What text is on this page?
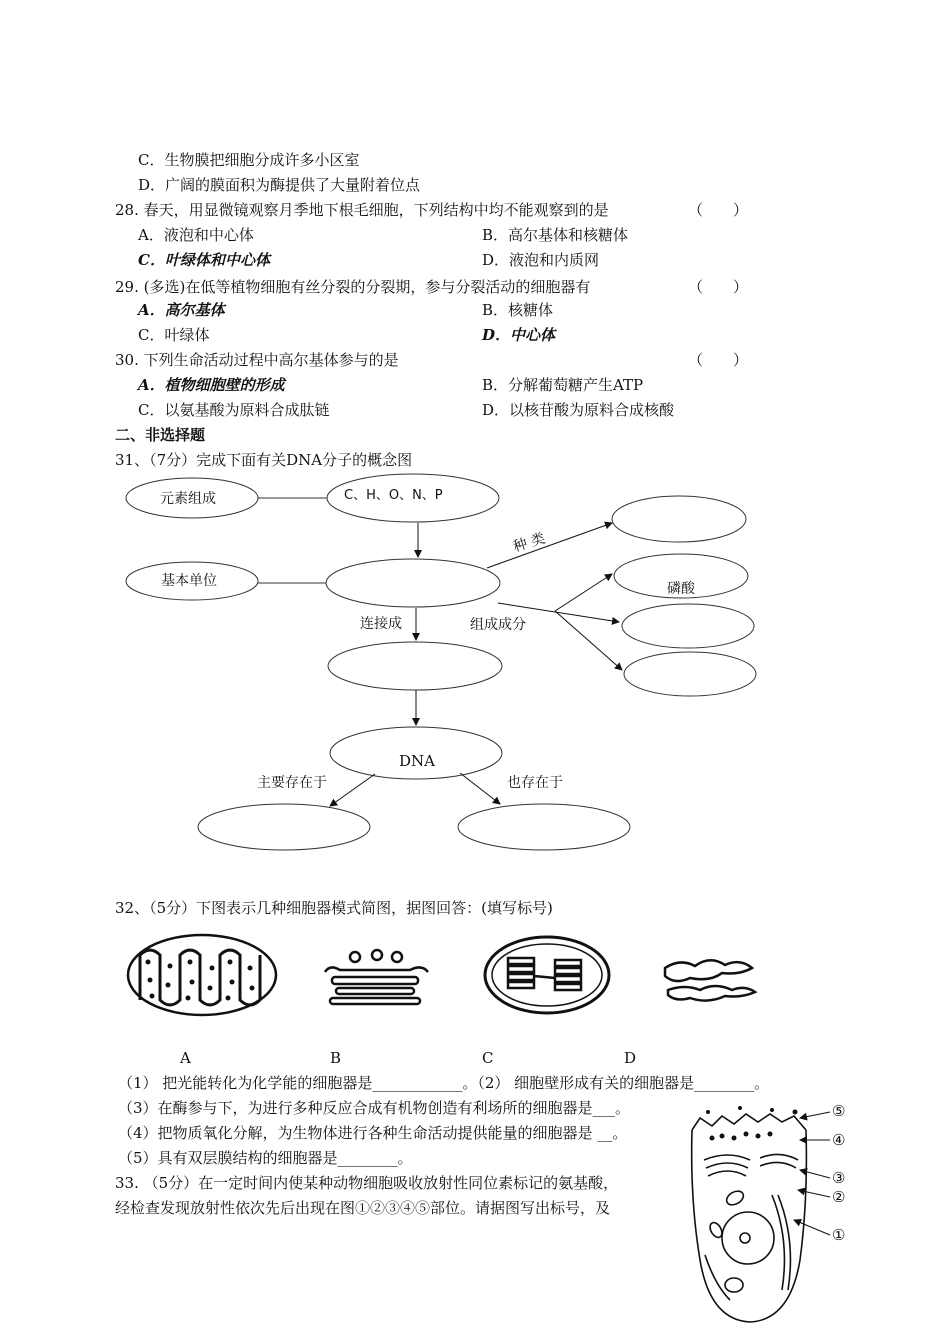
C．生物膜把细胞分成许多小区室
D．广阔的膜面积为酶提供了大量附着位点
28. 春天，用显微镜观察月季地下根毛细胞，下列结构中均不能观察到的是	（　　）
A．液泡和中心体	B．高尔基体和核糖体
C．叶绿体和中心体	D．液泡和内质网
29. (多选)在低等植物细胞有丝分裂的分裂期，参与分裂活动的细胞器有	（　　）
A．高尔基体	B．核糖体
C．叶绿体	D．中心体
30. 下列生命活动过程中高尔基体参与的是	（　　）
A．植物细胞壁的形成	B．分解葡萄糖产生ATP
C．以氨基酸为原料合成肽链	D．以核苷酸为原料合成核酸
二、非选择题
31、（7分）完成下面有关DNA分子的概念图
元素组成	C、H、O、N、P
种 类
基本单位	磷酸
连接成	组成成分
DNA
主要存在于	也存在于
32、（5分）下图表示几种细胞器模式简图，据图回答：(填写标号)
A	B	C	D
（1） 把光能转化为化学能的细胞器是____________。（2） 细胞壁形成有关的细胞器是________。
（3）在酶参与下，为进行多种反应合成有机物创造有利场所的细胞器是___。
（4）把物质氧化分解，为生物体进行各种生命活动提供能量的细胞器是 __。
（5）具有双层膜结构的细胞器是________。
33. （5分）在一定时间内使某种动物细胞吸收放射性同位素标记的氨基酸，
经检查发现放射性依次先后出现在图①②③④⑤部位。请据图写出标号，及
⑤
④
③
②
①
